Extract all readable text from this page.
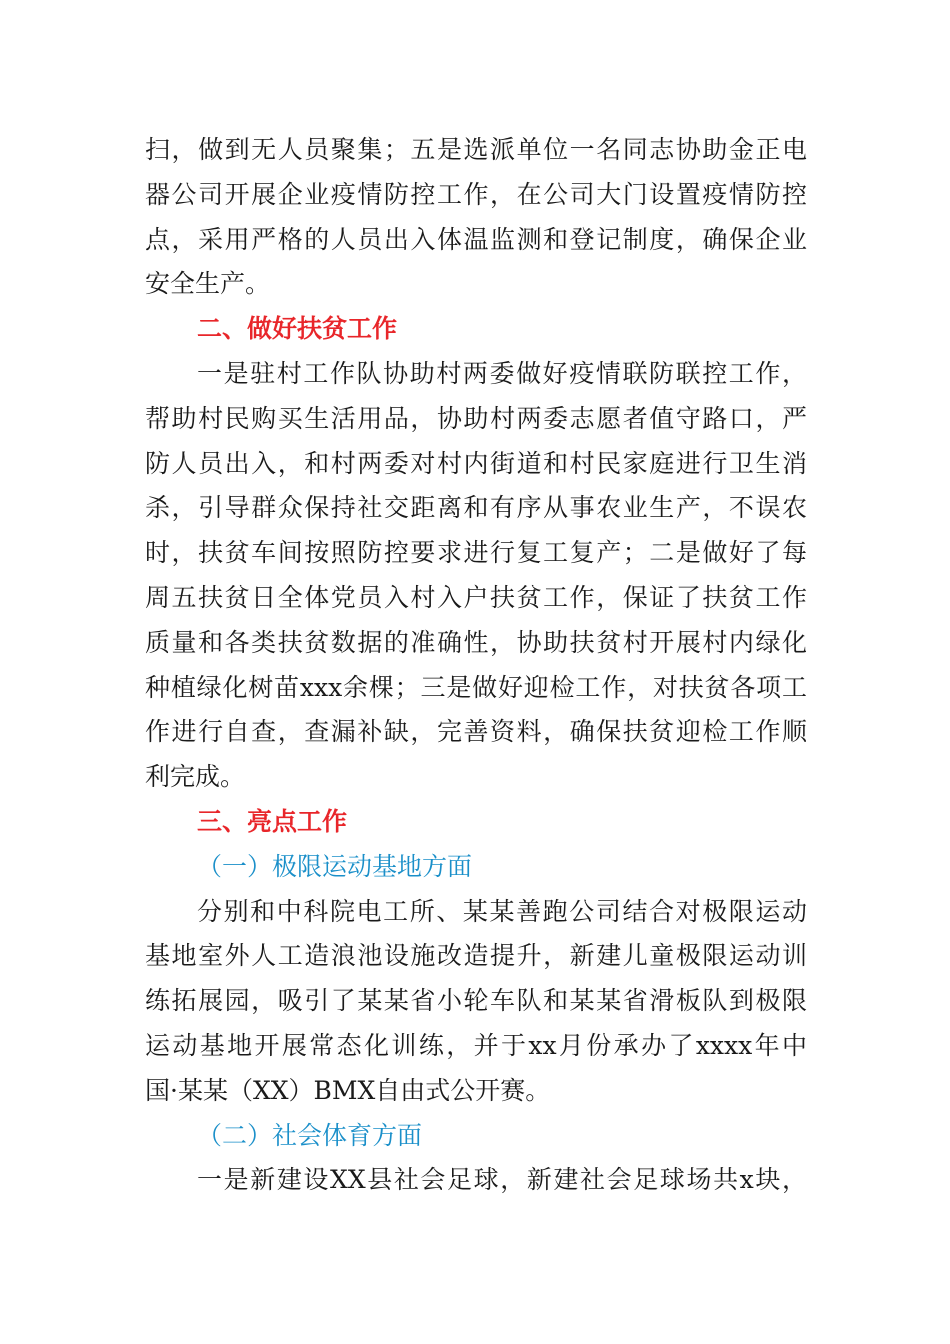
扫，做到无人员聚集；五是选派单位一名同志协助金正电
器公司开展企业疫情防控工作，在公司大门设置疫情防控
点，采用严格的人员出入体温监测和登记制度，确保企业
安全生产。
二、做好扶贫工作
一是驻村工作队协助村两委做好疫情联防联控工作，
帮助村民购买生活用品，协助村两委志愿者值守路口，严
防人员出入，和村两委对村内街道和村民家庭进行卫生消
杀，引导群众保持社交距离和有序从事农业生产，不误农
时，扶贫车间按照防控要求进行复工复产；二是做好了每
周五扶贫日全体党员入村入户扶贫工作，保证了扶贫工作
质量和各类扶贫数据的准确性，协助扶贫村开展村内绿化
种植绿化树苗xxx余棵；三是做好迎检工作，对扶贫各项工
作进行自查，查漏补缺，完善资料，确保扶贫迎检工作顺
利完成。
三、亮点工作
（一）极限运动基地方面
分别和中科院电工所、某某善跑公司结合对极限运动
基地室外人工造浪池设施改造提升，新建儿童极限运动训
练拓展园，吸引了某某省小轮车队和某某省滑板队到极限
运动基地开展常态化训练，并于xx月份承办了xxxx年中
国·某某（XX）BMX自由式公开赛。
（二）社会体育方面
一是新建设XX县社会足球，新建社会足球场共x块，
